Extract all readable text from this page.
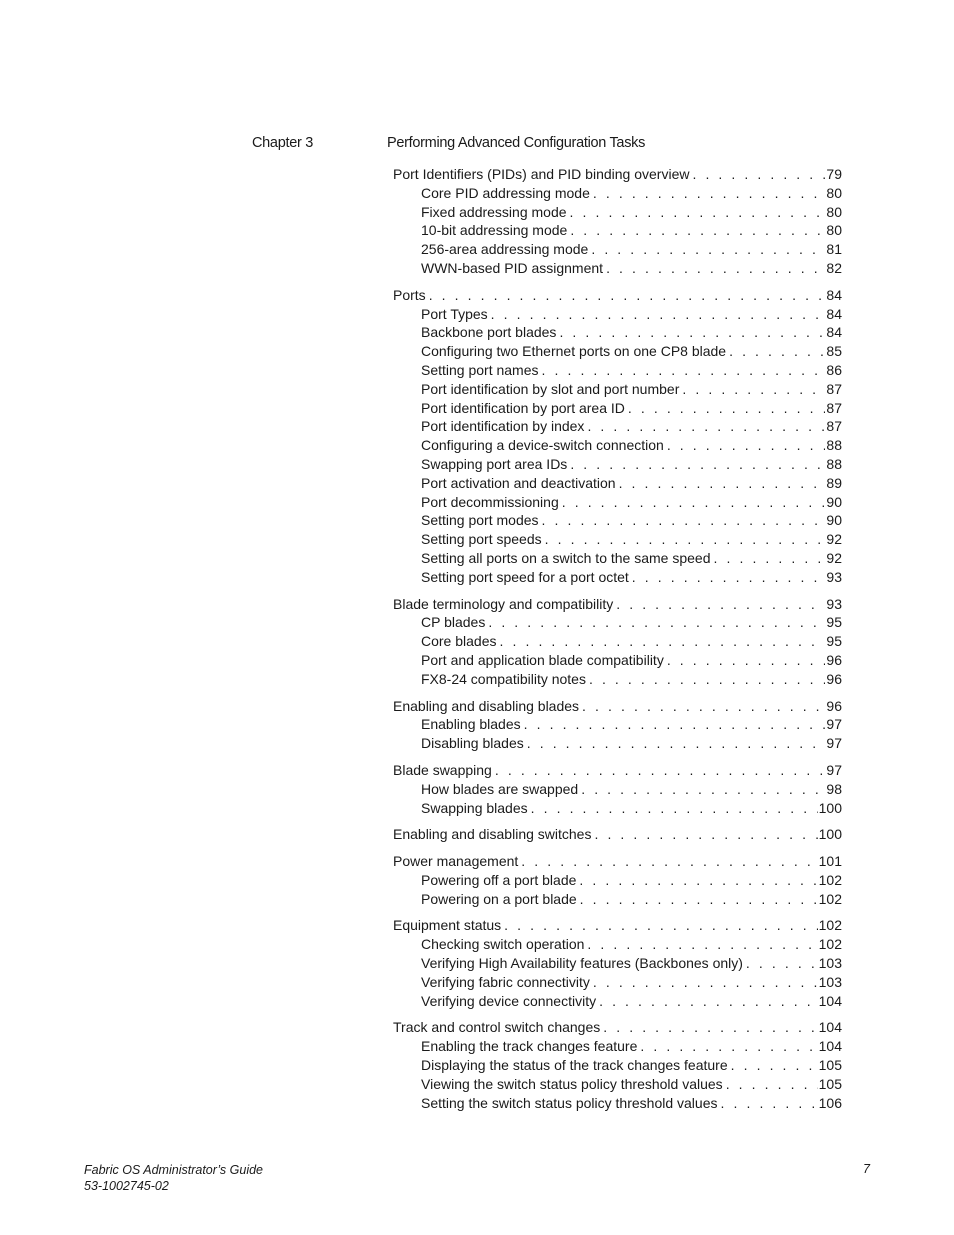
Chapter 3	Performing Advanced Configuration Tasks
Port Identifiers (PIDs) and PID binding overview . . .	79
Core PID addressing mode . . .	80
Fixed addressing mode . . .	80
10-bit addressing mode . . .	80
256-area addressing mode . . .	81
WWN-based PID assignment . . .	82
Ports . . .	84
Port Types . . .	84
Backbone port blades . . .	84
Configuring two Ethernet ports on one CP8 blade . . .	85
Setting port names . . .	86
Port identification by slot and port number . . .	87
Port identification by port area ID . . .	87
Port identification by index . . .	87
Configuring a device-switch connection . . .	88
Swapping port area IDs . . .	88
Port activation and deactivation . . .	89
Port decommissioning . . .	90
Setting port modes . . .	90
Setting port speeds . . .	92
Setting all ports on a switch to the same speed . . .	92
Setting port speed for a port octet . . .	93
Blade terminology and compatibility . . .	93
CP blades . . .	95
Core blades . . .	95
Port and application blade compatibility . . .	96
FX8-24 compatibility notes . . .	96
Enabling and disabling blades . . .	96
Enabling blades . . .	97
Disabling blades . . .	97
Blade swapping . . .	97
How blades are swapped . . .	98
Swapping blades . . .	100
Enabling and disabling switches . . .	100
Power management . . .	101
Powering off a port blade . . .	102
Powering on a port blade . . .	102
Equipment status . . .	102
Checking switch operation . . .	102
Verifying High Availability features (Backbones only) . . .	103
Verifying fabric connectivity . . .	103
Verifying device connectivity . . .	104
Track and control switch changes . . .	104
Enabling the track changes feature . . .	104
Displaying the status of the track changes feature . . .	105
Viewing the switch status policy threshold values . . .	105
Setting the switch status policy threshold values . . .	106
Fabric OS Administrator’s Guide
53-1002745-02
7
